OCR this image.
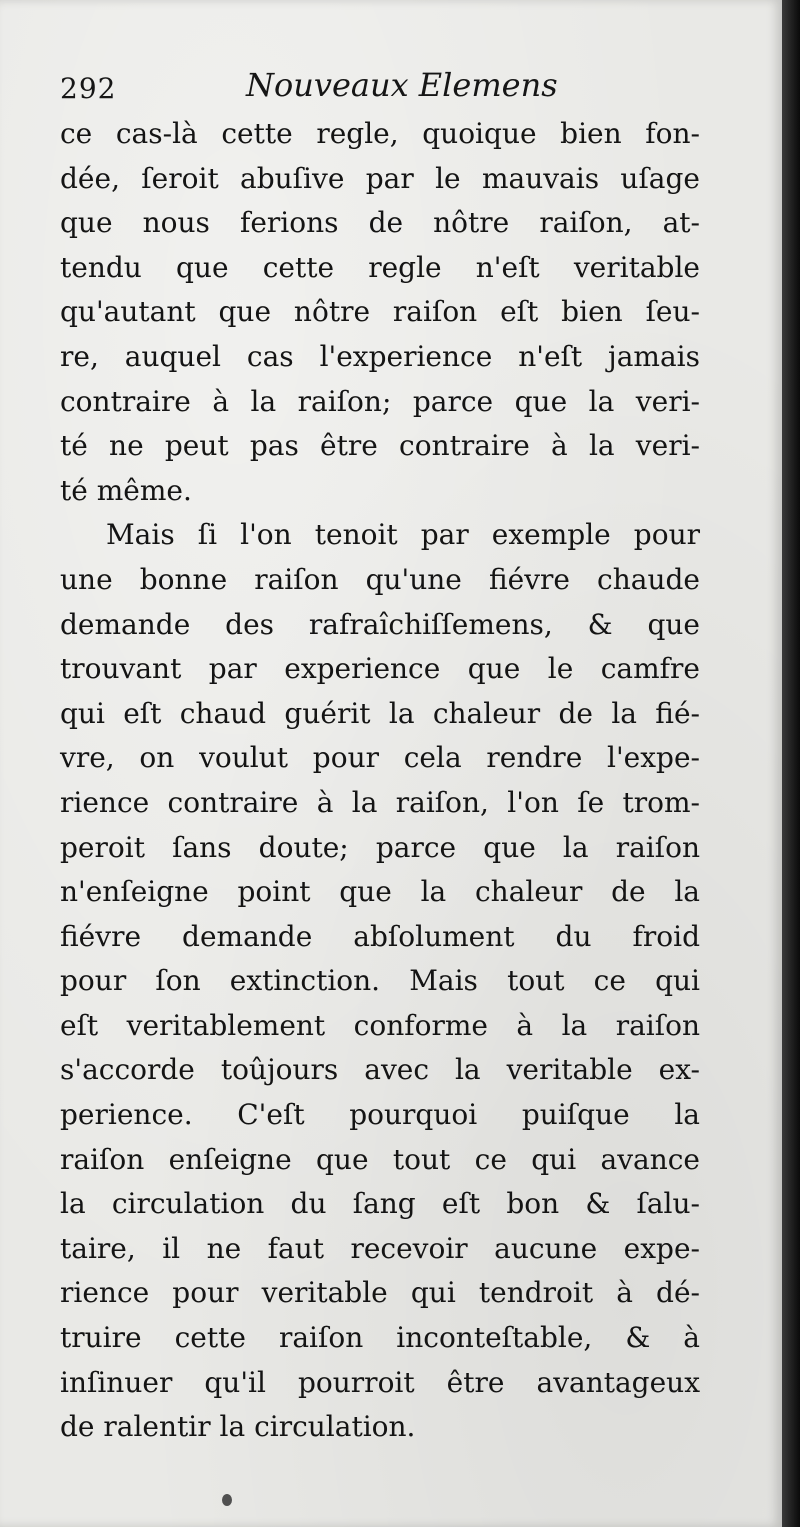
292	Nouveaux Elemens
ce cas-là cette regle, quoique bien fon-
dée, ſeroit abuſive par le mauvais uſage
que nous ferions de nôtre raiſon, at-
tendu que cette regle n'eſt veritable
qu'autant que nôtre raiſon eſt bien ſeu-
re, auquel cas l'experience n'eſt jamais
contraire à la raiſon; parce que la veri-
té ne peut pas être contraire à la veri-
té même.
Mais ſi l'on tenoit par exemple pour
une bonne raiſon qu'une fiévre chaude
demande des rafraîchiſſemens, & que
trouvant par experience que le camfre
qui eſt chaud guérit la chaleur de la fié-
vre, on voulut pour cela rendre l'expe-
rience contraire à la raiſon, l'on ſe trom-
peroit ſans doute; parce que la raiſon
n'enſeigne point que la chaleur de la
fiévre demande abſolument du froid
pour ſon extinction. Mais tout ce qui
eſt veritablement conforme à la raiſon
s'accorde toûjours avec la veritable ex-
perience. C'eſt pourquoi puiſque la
raiſon enſeigne que tout ce qui avance
la circulation du ſang eſt bon & ſalu-
taire, il ne faut recevoir aucune expe-
rience pour veritable qui tendroit à dé-
truire cette raiſon inconteſtable, & à
inſinuer qu'il pourroit être avantageux
de ralentir la circulation.
